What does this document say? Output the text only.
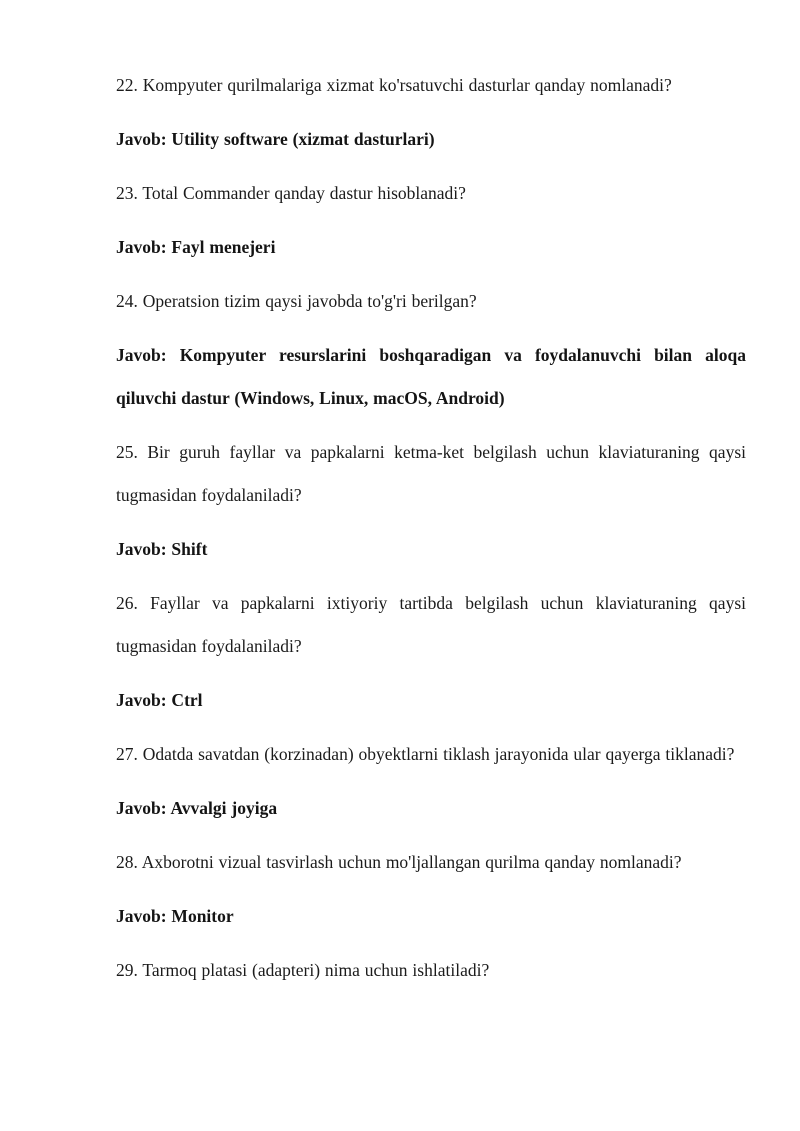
22. Kompyuter qurilmalariga xizmat ko'rsatuvchi dasturlar qanday nomlanadi?

Javob: Utility software (xizmat dasturlari)

23. Total Commander qanday dastur hisoblanadi?

Javob: Fayl menejeri

24. Operatsion tizim qaysi javobda to'g'ri berilgan?

Javob: Kompyuter resurslarini boshqaradigan va foydalanuvchi bilan aloqa qiluvchi dastur (Windows, Linux, macOS, Android)

25. Bir guruh fayllar va papkalarni ketma-ket belgilash uchun klaviaturaning qaysi tugmasidan foydalaniladi?

Javob: Shift

26. Fayllar va papkalarni ixtiyoriy tartibda belgilash uchun klaviaturaning qaysi tugmasidan foydalaniladi?

Javob: Ctrl

27. Odatda savatdan (korzinadan) obyektlarni tiklash jarayonida ular qayerga tiklanadi?

Javob: Avvalgi joyiga

28. Axborotni vizual tasvirlash uchun mo'ljallangan qurilma qanday nomlanadi?

Javob: Monitor

29. Tarmoq platasi (adapteri) nima uchun ishlatiladi?
